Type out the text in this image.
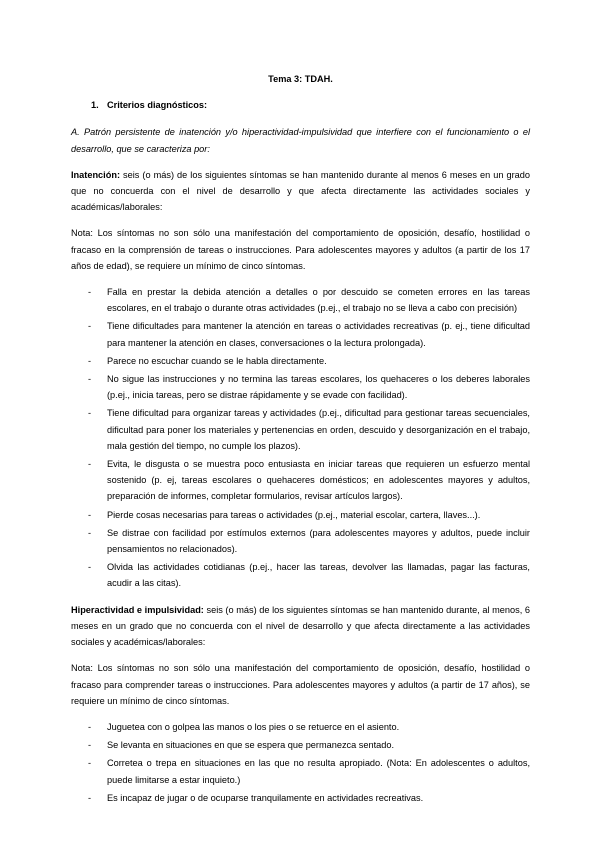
Tema 3: TDAH.
1. Criterios diagnósticos:

A. Patrón persistente de inatención y/o hiperactividad-impulsividad que interfiere con el funcionamiento o el desarrollo, que se caracteriza por:

Inatención: seis (o más) de los siguientes síntomas se han mantenido durante al menos 6 meses en un grado que no concuerda con el nivel de desarrollo y que afecta directamente las actividades sociales y académicas/laborales:

Nota: Los síntomas no son sólo una manifestación del comportamiento de oposición, desafío, hostilidad o fracaso en la comprensión de tareas o instrucciones. Para adolescentes mayores y adultos (a partir de los 17 años de edad), se requiere un mínimo de cinco síntomas.

- Falla en prestar la debida atención a detalles o por descuido se cometen errores en las tareas escolares, en el trabajo o durante otras actividades (p.ej., el trabajo no se lleva a cabo con precisión)
- Tiene dificultades para mantener la atención en tareas o actividades recreativas (p. ej., tiene dificultad para mantener la atención en clases, conversaciones o la lectura prolongada).
- Parece no escuchar cuando se le habla directamente.
- No sigue las instrucciones y no termina las tareas escolares, los quehaceres o los deberes laborales (p.ej., inicia tareas, pero se distrae rápidamente y se evade con facilidad).
- Tiene dificultad para organizar tareas y actividades (p.ej., dificultad para gestionar tareas secuenciales, dificultad para poner los materiales y pertenencias en orden, descuido y desorganización en el trabajo, mala gestión del tiempo, no cumple los plazos).
- Evita, le disgusta o se muestra poco entusiasta en iniciar tareas que requieren un esfuerzo mental sostenido (p. ej, tareas escolares o quehaceres domésticos; en adolescentes mayores y adultos, preparación de informes, completar formularios, revisar artículos largos).
- Pierde cosas necesarias para tareas o actividades (p.ej., material escolar, cartera, llaves...).
- Se distrae con facilidad por estímulos externos (para adolescentes mayores y adultos, puede incluir pensamientos no relacionados).
- Olvida las actividades cotidianas (p.ej., hacer las tareas, devolver las llamadas, pagar las facturas, acudir a las citas).

Hiperactividad e impulsividad: seis (o más) de los siguientes síntomas se han mantenido durante, al menos, 6 meses en un grado que no concuerda con el nivel de desarrollo y que afecta directamente a las actividades sociales y académicas/laborales:

Nota: Los síntomas no son sólo una manifestación del comportamiento de oposición, desafío, hostilidad o fracaso para comprender tareas o instrucciones. Para adolescentes mayores y adultos (a partir de 17 años), se requiere un mínimo de cinco síntomas.

- Juguetea con o golpea las manos o los pies o se retuerce en el asiento.
- Se levanta en situaciones en que se espera que permanezca sentado.
- Corretea o trepa en situaciones en las que no resulta apropiado. (Nota: En adolescentes o adultos, puede limitarse a estar inquieto.)
- Es incapaz de jugar o de ocuparse tranquilamente en actividades recreativas.
